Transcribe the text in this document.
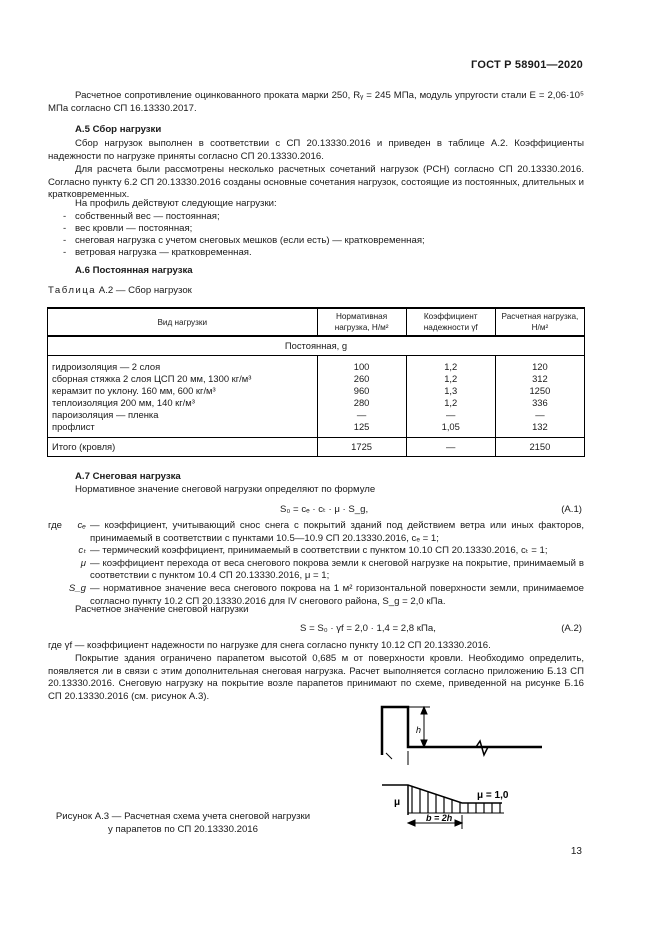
ГОСТ Р 58901—2020
Расчетное сопротивление оцинкованного проката марки 250, Rᵧ = 245 МПа, модуль упругости стали E = 2,06·10⁵ МПа согласно СП 16.13330.2017.
А.5 Сбор нагрузки
Сбор нагрузок выполнен в соответствии с СП 20.13330.2016 и приведен в таблице А.2. Коэффициенты надежности по нагрузке приняты согласно СП 20.13330.2016.
Для расчета были рассмотрены несколько расчетных сочетаний нагрузок (РСН) согласно СП 20.13330.2016. Согласно пункту 6.2 СП 20.13330.2016 созданы основные сочетания нагрузок, состоящие из постоянных, длительных и кратковременных.
На профиль действуют следующие нагрузки:
- собственный вес — постоянная;
- вес кровли — постоянная;
- снеговая нагрузка с учетом снеговых мешков (если есть) — кратковременная;
- ветровая нагрузка — кратковременная.
А.6 Постоянная нагрузка
Таблица А.2 — Сбор нагрузок
Вид нагрузки	Нормативная нагрузка, Н/м²	Коэффициент надежности γf	Расчетная нагрузка, Н/м²
Постоянная, g			
гидроизоляция — 2 слоя	100	1,2	120
сборная стяжка 2 слоя ЦСП 20 мм, 1300 кг/м³	260	1,2	312
керамзит по уклону. 160 мм, 600 кг/м³	960	1,3	1250
теплоизоляция 200 мм, 140 кг/м³	280	1,2	336
пароизоляция — пленка	—	—	—
профлист	125	1,05	132
Итого (кровля)	1725	—	2150
А.7 Снеговая нагрузка
Нормативное значение снеговой нагрузки определяют по формуле
S₀ = cₑ · cₜ · μ · S_g,	(А.1)
где	cₑ — коэффициент, учитывающий снос снега с покрытий зданий под действием ветра или иных факторов, принимаемый в соответствии с пунктами 10.5—10.9 СП 20.13330.2016, cₑ = 1;
cₜ — термический коэффициент, принимаемый в соответствии с пунктом 10.10 СП 20.13330.2016, cₜ = 1;
μ — коэффициент перехода от веса снегового покрова земли к снеговой нагрузке на покрытие, принимаемый в соответствии с пунктом 10.4 СП 20.13330.2016, μ = 1;
S_g — нормативное значение веса снегового покрова на 1 м² горизонтальной поверхности земли, принимаемое согласно пункту 10.2 СП 20.13330.2016 для IV снегового района, S_g = 2,0 кПа.
Расчетное значение снеговой нагрузки
S = S₀ · γf = 2,0 · 1,4 = 2,8 кПа,	(А.2)
где γf — коэффициент надежности по нагрузке для снега согласно пункту 10.12 СП 20.13330.2016.
Покрытие здания ограничено парапетом высотой 0,685 м от поверхности кровли. Необходимо определить, появляется ли в связи с этим дополнительная снеговая нагрузка. Расчет выполняется согласно приложению Б.13 СП 20.13330.2016. Снеговую нагрузку на покрытие возле парапетов принимают по схеме, приведенной на рисунке Б.16 СП 20.13330.2016 (см. рисунок А.3).
h
μ
μ = 1,0
b = 2h
Рисунок А.3 — Расчетная схема учета снеговой нагрузки
у парапетов по СП 20.13330.2016
13
